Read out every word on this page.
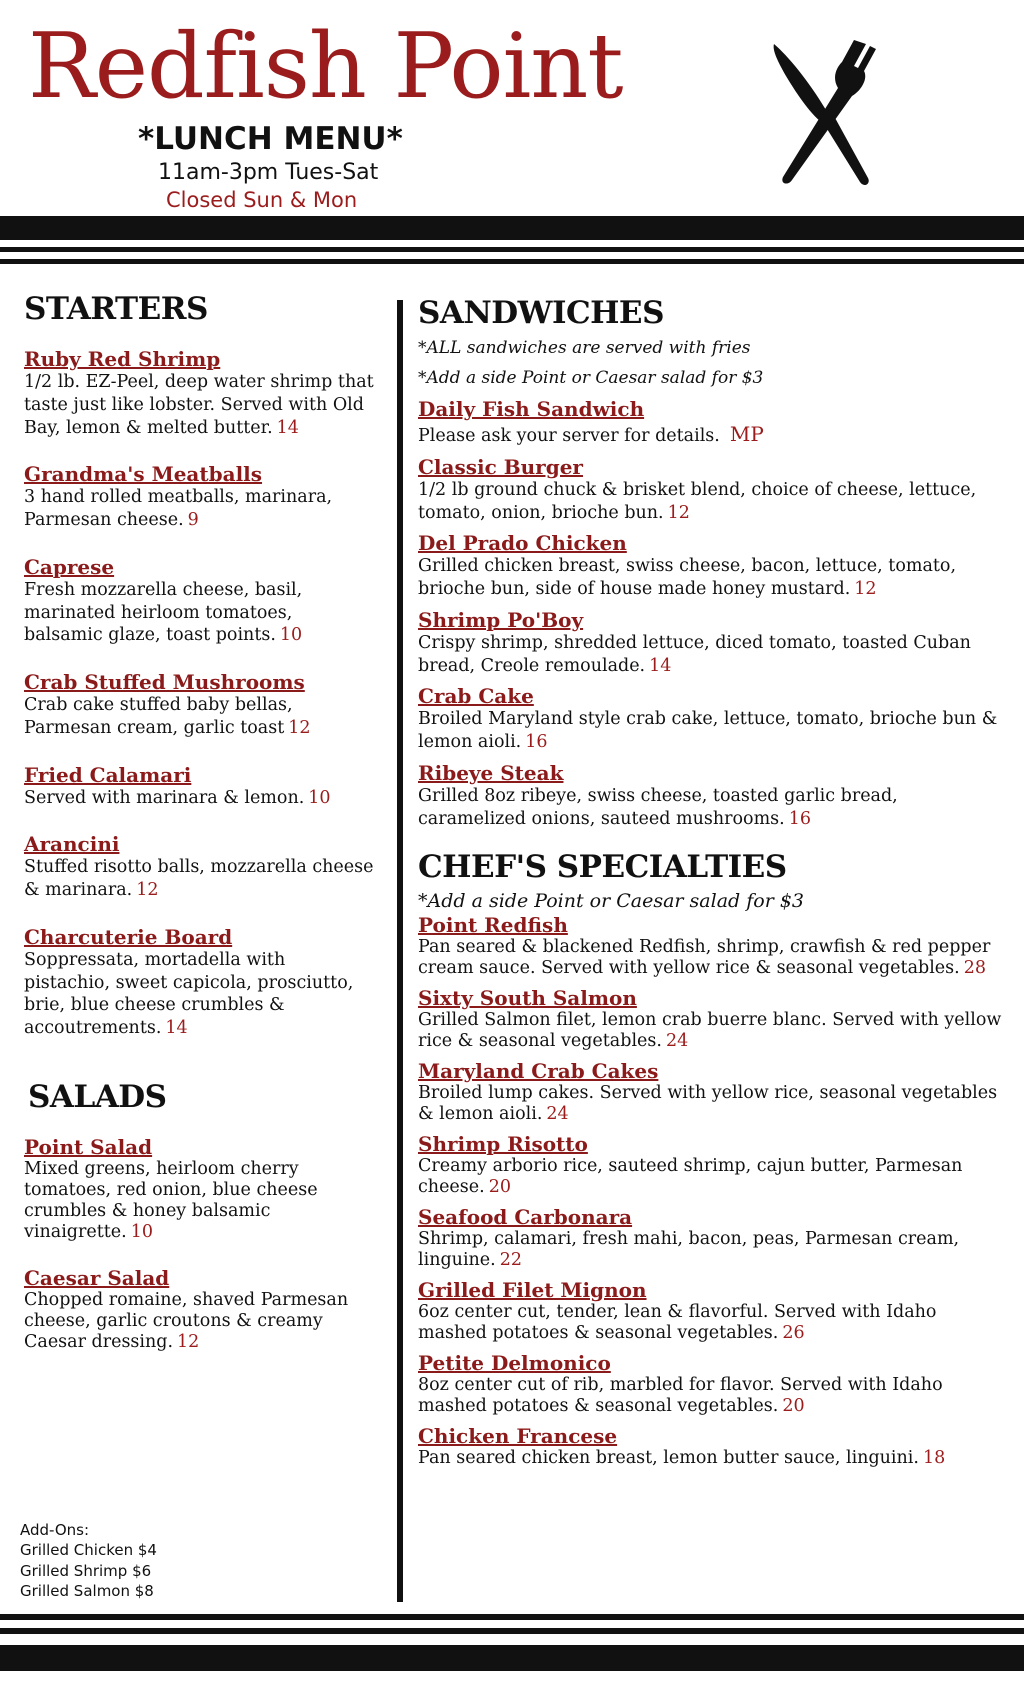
Redfish Point
*LUNCH MENU*
11am-3pm Tues-Sat
Closed Sun & Mon
STARTERS
Ruby Red Shrimp
1/2 lb. EZ-Peel, deep water shrimp that taste just like lobster. Served with Old Bay, lemon & melted butter. 14
Grandma's Meatballs
3 hand rolled meatballs, marinara, Parmesan cheese. 9
Caprese
Fresh mozzarella cheese, basil, marinated heirloom tomatoes, balsamic glaze, toast points. 10
Crab Stuffed Mushrooms
Crab cake stuffed baby bellas, Parmesan cream, garlic toast 12
Fried Calamari
Served with marinara & lemon. 10
Arancini
Stuffed risotto balls, mozzarella cheese & marinara. 12
Charcuterie Board
Soppressata, mortadella with pistachio, sweet capicola, prosciutto, brie, blue cheese crumbles & accoutrements. 14
SALADS
Point Salad
Mixed greens, heirloom cherry tomatoes, red onion, blue cheese crumbles & honey balsamic vinaigrette. 10
Caesar Salad
Chopped romaine, shaved Parmesan cheese, garlic croutons & creamy Caesar dressing. 12
Add-Ons:
Grilled Chicken $4
Grilled Shrimp $6
Grilled Salmon $8
SANDWICHES
*ALL sandwiches are served with fries
*Add a side Point or Caesar salad for $3
Daily Fish Sandwich
Please ask your server for details. MP
Classic Burger
1/2 lb ground chuck & brisket blend, choice of cheese, lettuce, tomato, onion, brioche bun. 12
Del Prado Chicken
Grilled chicken breast, swiss cheese, bacon, lettuce, tomato, brioche bun, side of house made honey mustard. 12
Shrimp Po'Boy
Crispy shrimp, shredded lettuce, diced tomato, toasted Cuban bread, Creole remoulade. 14
Crab Cake
Broiled Maryland style crab cake, lettuce, tomato, brioche bun & lemon aioli. 16
Ribeye Steak
Grilled 8oz ribeye, swiss cheese, toasted garlic bread, caramelized onions, sauteed mushrooms. 16
CHEF'S SPECIALTIES
*Add a side Point or Caesar salad for $3
Point Redfish
Pan seared & blackened Redfish, shrimp, crawfish & red pepper cream sauce. Served with yellow rice & seasonal vegetables. 28
Sixty South Salmon
Grilled Salmon filet, lemon crab buerre blanc. Served with yellow rice & seasonal vegetables. 24
Maryland Crab Cakes
Broiled lump cakes. Served with yellow rice, seasonal vegetables & lemon aioli. 24
Shrimp Risotto
Creamy arborio rice, sauteed shrimp, cajun butter, Parmesan cheese. 20
Seafood Carbonara
Shrimp, calamari, fresh mahi, bacon, peas, Parmesan cream, linguine. 22
Grilled Filet Mignon
6oz center cut, tender, lean & flavorful. Served with Idaho mashed potatoes & seasonal vegetables. 26
Petite Delmonico
8oz center cut of rib, marbled for flavor. Served with Idaho mashed potatoes & seasonal vegetables. 20
Chicken Francese
Pan seared chicken breast, lemon butter sauce, linguini. 18
